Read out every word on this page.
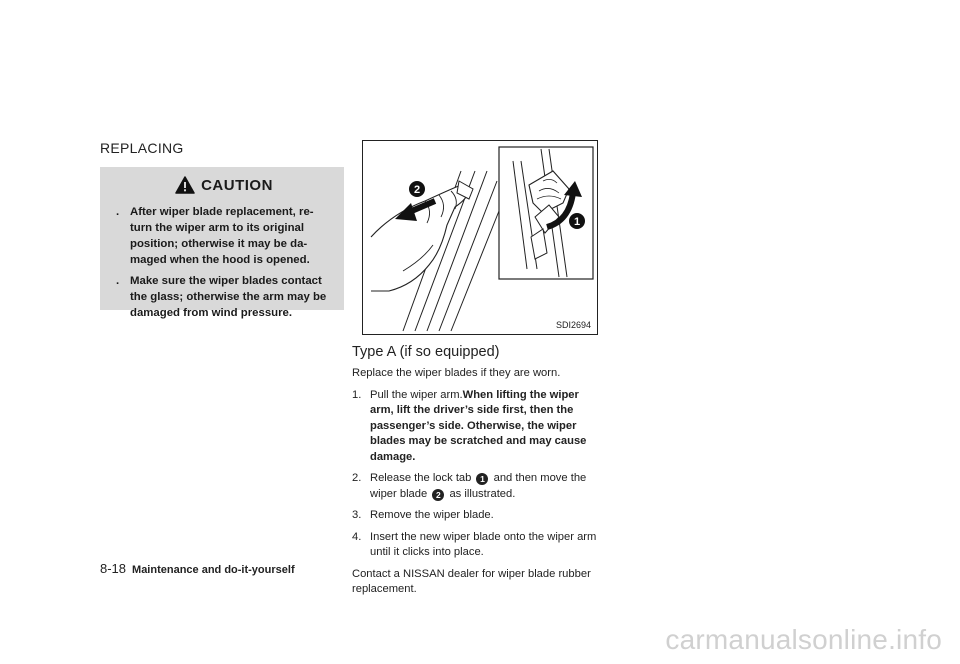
REPLACING
CAUTION
. After wiper blade replacement, re-turn the wiper arm to its original position; otherwise it may be da-maged when the hood is opened.
. Make sure the wiper blades contact the glass; otherwise the arm may be damaged from wind pressure.
2
1
SDI2694
Type A (if so equipped)

Replace the wiper blades if they are worn.

1. Pull the wiper arm.When lifting the wiper arm, lift the driver’s side first, then the passenger’s side. Otherwise, the wiper blades may be scratched and may cause damage.
2. Release the lock tab 1 and then move the wiper blade 2 as illustrated.
3. Remove the wiper blade.
4. Insert the new wiper blade onto the wiper arm until it clicks into place.

Contact a NISSAN dealer for wiper blade rubber replacement.

8-18 Maintenance and do-it-yourself
carmanualsonline.info
